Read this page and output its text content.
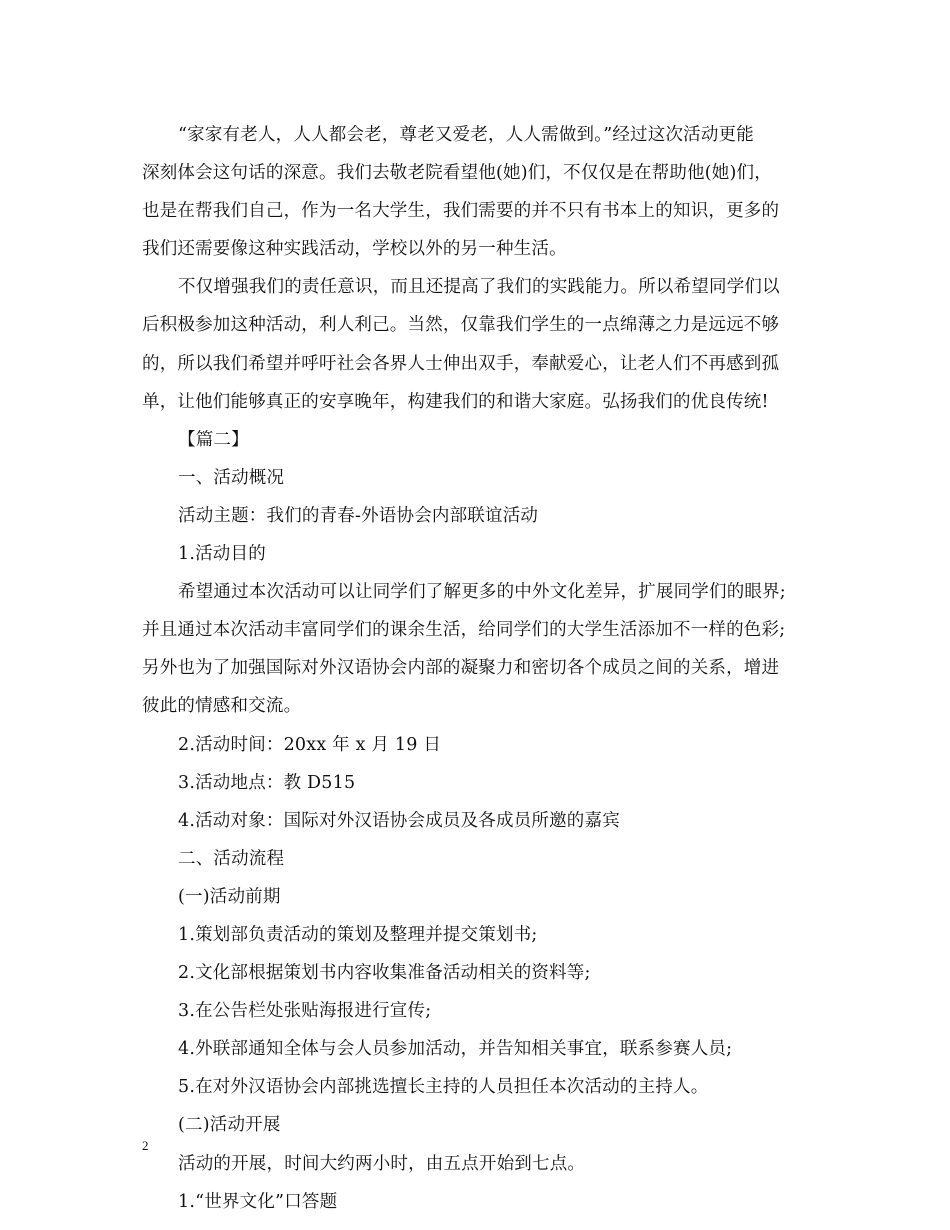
“家家有老人，人人都会老，尊老又爱老，人人需做到。”经过这次活动更能
深刻体会这句话的深意。我们去敬老院看望他(她)们，不仅仅是在帮助他(她)们，
也是在帮我们自己，作为一名大学生，我们需要的并不只有书本上的知识，更多的
我们还需要像这种实践活动，学校以外的另一种生活。
不仅增强我们的责任意识，而且还提高了我们的实践能力。所以希望同学们以
后积极参加这种活动，利人利己。当然，仅靠我们学生的一点绵薄之力是远远不够
的，所以我们希望并呼吁社会各界人士伸出双手，奉献爱心，让老人们不再感到孤
单，让他们能够真正的安享晚年，构建我们的和谐大家庭。弘扬我们的优良传统!
【篇二】
一、活动概况
活动主题：我们的青春-外语协会内部联谊活动
1.活动目的
希望通过本次活动可以让同学们了解更多的中外文化差异，扩展同学们的眼界;
并且通过本次活动丰富同学们的课余生活，给同学们的大学生活添加不一样的色彩;
另外也为了加强国际对外汉语协会内部的凝聚力和密切各个成员之间的关系，增进
彼此的情感和交流。
2.活动时间：20xx 年 x 月 19 日
3.活动地点：教 D515
4.活动对象：国际对外汉语协会成员及各成员所邀的嘉宾
二、活动流程
(一)活动前期
1.策划部负责活动的策划及整理并提交策划书;
2.文化部根据策划书内容收集准备活动相关的资料等;
3.在公告栏处张贴海报进行宣传;
4.外联部通知全体与会人员参加活动，并告知相关事宜，联系参赛人员;
5.在对外汉语协会内部挑选擅长主持的人员担任本次活动的主持人。
(二)活动开展
活动的开展，时间大约两小时，由五点开始到七点。
1.“世界文化”口答题
2
